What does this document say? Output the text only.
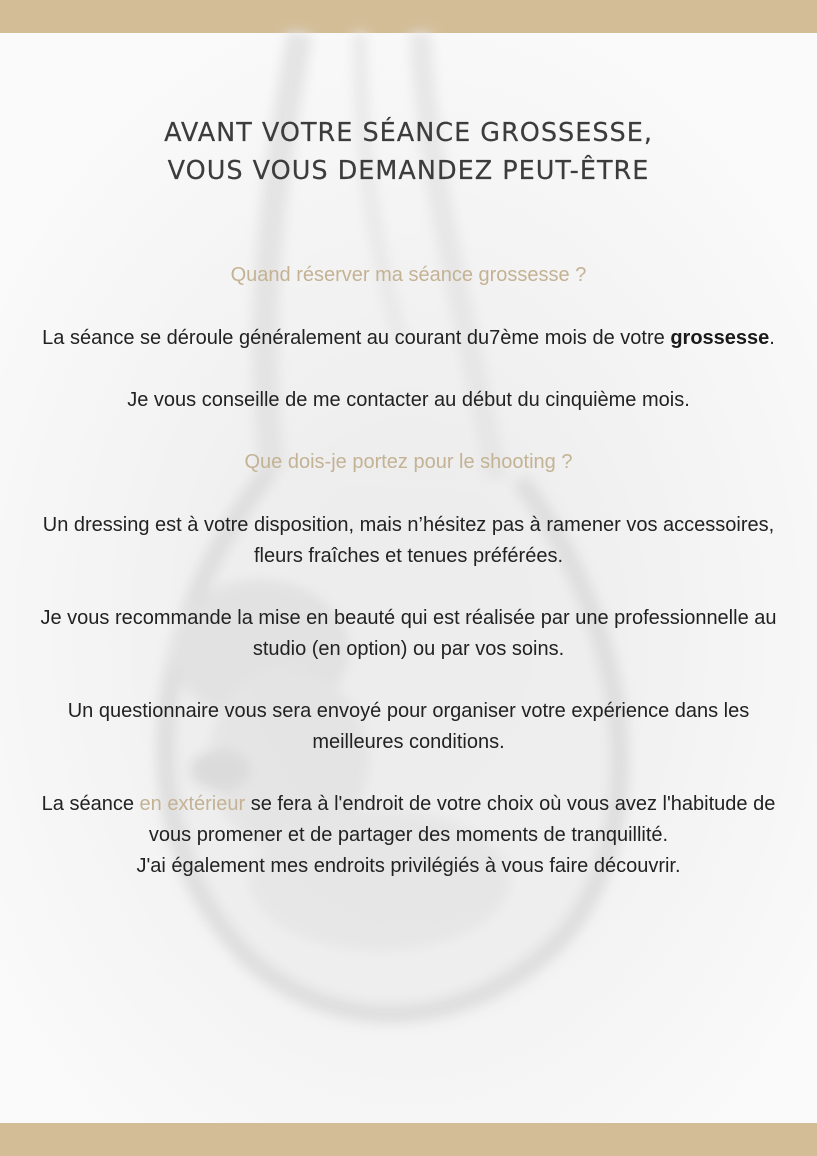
AVANT VOTRE SÉANCE GROSSESSE,
VOUS VOUS DEMANDEZ PEUT-ÊTRE

Quand réserver ma séance grossesse ?

La séance se déroule généralement au courant du7ème mois de votre grossesse.

Je vous conseille de me contacter au début du cinquième mois.

Que dois-je portez pour le shooting ?

Un dressing est à votre disposition, mais n’hésitez pas à ramener vos accessoires, fleurs fraîches et tenues préférées.

Je vous recommande la mise en beauté qui est réalisée par une professionnelle au studio (en option) ou par vos soins.

Un questionnaire vous sera envoyé pour organiser votre expérience dans les meilleures conditions.

La séance en extérieur se fera à l'endroit de votre choix où vous avez l'habitude de vous promener et de partager des moments de tranquillité.

J'ai également mes endroits privilégiés à vous faire découvrir.
